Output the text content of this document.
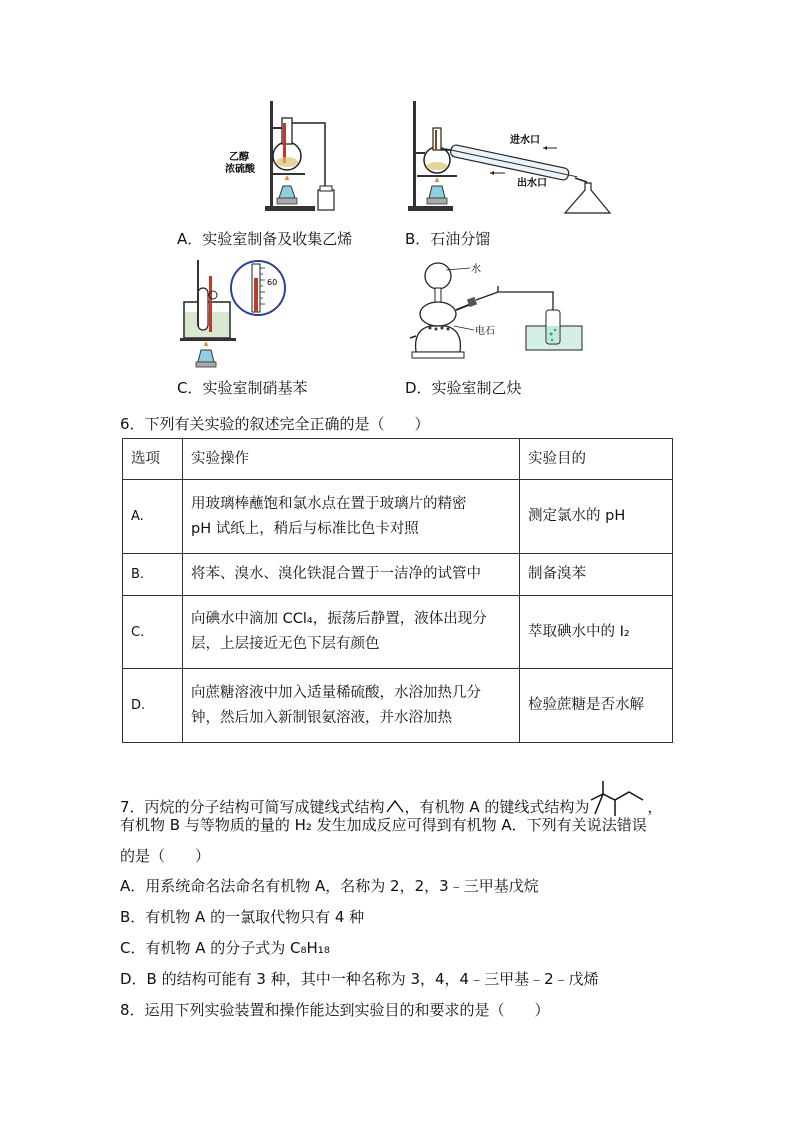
乙醇
浓硫酸
A．实验室制备及收集乙烯
进水口
出水口
B．石油分馏
60
C．实验室制硝基苯
水
电石
D．实验室制乙炔
6．下列有关实验的叙述完全正确的是（　　）
选项	实验操作	实验目的
A.	用玻璃棒蘸饱和氯水点在置于玻璃片的精密
pH 试纸上，稍后与标准比色卡对照	测定氯水的 pH
B.	将苯、溴水、溴化铁混合置于一洁净的试管中	制备溴苯
C.	向碘水中滴加 CCl₄，振荡后静置，液体出现分
层，上层接近无色下层有颜色	萃取碘水中的 I₂
D.	向蔗糖溶液中加入适量稀硫酸，水浴加热几分
钟，然后加入新制银氨溶液，并水浴加热	检验蔗糖是否水解
7．丙烷的分子结构可简写成键线式结构 ，有机物 A 的键线式结构为	，
有机物 B 与等物质的量的 H₂ 发生加成反应可得到有机物 A．下列有关说法错误
的是（　　）
A．用系统命名法命名有机物 A，名称为 2，2，3﹣三甲基戊烷
B．有机物 A 的一氯取代物只有 4 种
C．有机物 A 的分子式为 C₈H₁₈
D．B 的结构可能有 3 种，其中一种名称为 3，4，4﹣三甲基﹣2﹣戊烯
8．运用下列实验装置和操作能达到实验目的和要求的是（　　）
